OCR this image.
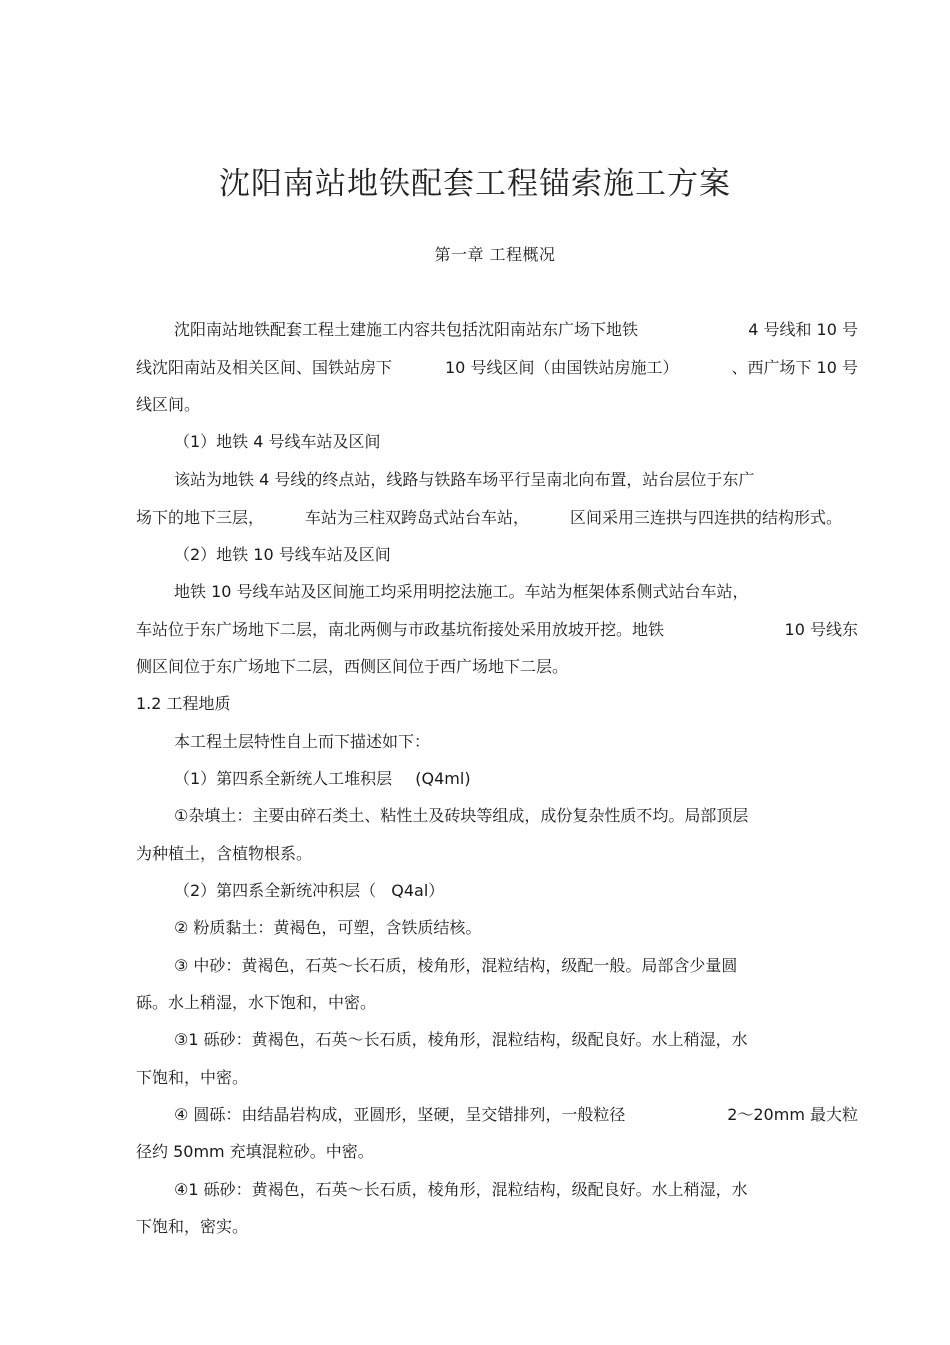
沈阳南站地铁配套工程锚索施工方案
第一章 工程概况
沈阳南站地铁配套工程土建施工内容共包括沈阳南站东广场下地铁	4 号线和 10 号
线沈阳南站及相关区间、国铁站房下	10 号线区间（由国铁站房施工）	、西广场下 10 号
线区间。
（1）地铁 4 号线车站及区间
该站为地铁 4 号线的终点站，线路与铁路车场平行呈南北向布置，站台层位于东广
场下的地下三层，	车站为三柱双跨岛式站台车站，	区间采用三连拱与四连拱的结构形式。
（2）地铁 10 号线车站及区间
地铁 10 号线车站及区间施工均采用明挖法施工。车站为框架体系侧式站台车站，
车站位于东广场地下二层，南北两侧与市政基坑衔接处采用放坡开挖。地铁	10 号线东
侧区间位于东广场地下二层，西侧区间位于西广场地下二层。
1.2 工程地质
本工程土层特性自上而下描述如下：
（1）第四系全新统人工堆积层 (Q4ml)
①杂填土：主要由碎石类土、粘性土及砖块等组成，成份复杂性质不均。局部顶层
为种植土，含植物根系。
（2）第四系全新统冲积层（ Q4al）
② 粉质黏土：黄褐色，可塑，含铁质结核。
③ 中砂：黄褐色，石英～长石质，棱角形，混粒结构，级配一般。局部含少量圆
砾。水上稍湿，水下饱和，中密。
③1 砾砂：黄褐色，石英～长石质，棱角形，混粒结构，级配良好。水上稍湿，水
下饱和，中密。
④ 圆砾：由结晶岩构成，亚圆形，坚硬，呈交错排列，一般粒径	2～20mm 最大粒
径约 50mm 充填混粒砂。中密。
④1 砾砂：黄褐色，石英～长石质，棱角形，混粒结构，级配良好。水上稍湿，水
下饱和，密实。
